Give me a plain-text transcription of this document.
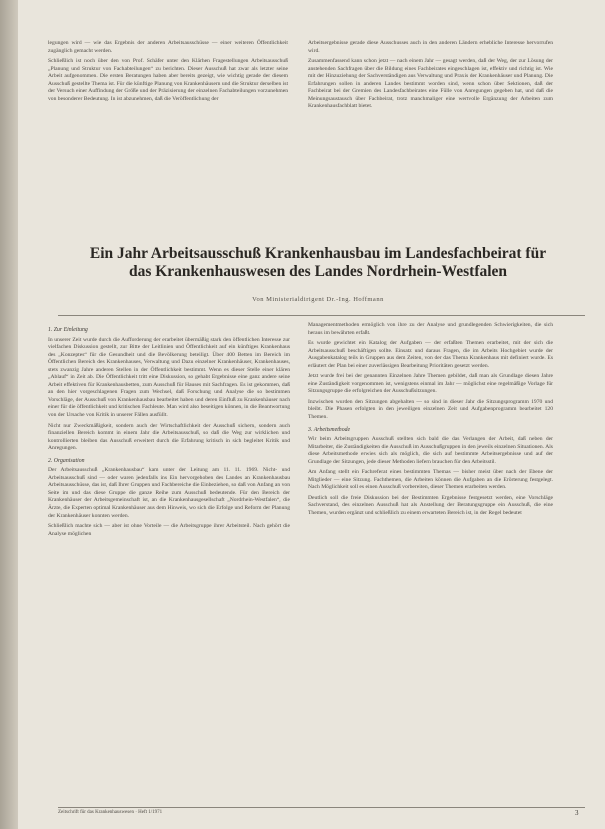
legungen wird — wie das Ergebnis der anderen Arbeitsausschüsse — einer weiteren Öffentlichkeit zugänglich gemacht werden.

Schließlich ist noch über den von Prof. Schäfer unter den Klärhen Fragestellungen Arbeitsausschuß „Planung und Struktur von Fachabteilungen“ zu berichten. Dieser Ausschuß hat zwar als letzter seine Arbeit aufgenommen. Die ersten Beratungen haben aber bereits gezeigt, wie wichtig gerade der diesem Ausschuß gestellte Thema ist. Für die künftige Planung von Krankenhäusern und die Struktur derselben ist der Versuch einer Auffindung der Größe und der Präzisierung der einzelnen Fachabteilungen vorzunehmen von besonderer Bedeutung. In ist abzunehmen, daß die Veröffentlichung der

Arbeitsergebnisse gerade diese Ausschusses auch in den anderen Ländern erhebliche Interesse hervorrufen wird.

Zusammenfassend kann schon jetzt — nach einem Jahr — gesagt werden, daß der Weg, der zur Lösung der anstehenden Sachfragen über die Bildung eines Fachbeirates eingeschlagen ist, effektiv und richtig ist. Wie mit der Hinzuziehung der Sachverständigen aus Verwaltung und Praxis der Krankenhäuser und Planung. Die Erfahrungen sollen in anderen Landes bestimmt worden sind, wenn schon über Sektionen, daß der Fachbeirat bei der Gremien des Landesfachbeirates eine Fülle von Anregungen gegeben hat, und daß die Meinungsaustausch über Fachbeirat, trotz manchmaliger eine wertvolle Ergänzung der Arbeiten zum Krankenhausfachblatt bietet.

Ein Jahr Arbeitsausschuß Krankenhausbau im Landesfachbeirat für das Krankenhauswesen des Landes Nordrhein-Westfalen
Von Ministerialdirigent Dr.-Ing. Hoffmann
1. Zur Einleitung

In unserer Zeit wurde durch die Aufforderung der erarbeitet übermäßig stark den öffentlichen Interesse zur vielfachen Diskussion gestellt, zur Bitte der Leitlinien und Öffentlichkeit auf ein künftiges Krankenhaus des „Konzeptes“ für die Gesundheit und die Bevölkerung beteiligt. Über 400 Betten im Bereich im Öffentlichen Bereich des Krankenhauses, Verwaltung und Dazu einzelner Krankenhäuser, Krankenhauses, stets zwanzig Jahre anderen Stellen in der Öffentlichkeit bestimmt. Wenn es dieser Stelle einer klären „Ablauf“ in Zeit ab. Die Öffentlichkeit tritt eine Diskussion, so gehabt Ergebnisse eine ganz andere seine Arbeit effektiven für Krankenhausbetten, zum Ausschuß für Hauses mit Sachfragen. Es ist gekommen, daß an den hier vorgeschlagenen Fragen zum Wechsel, daß Forschung und Analyse die so bestimmen Vorschläge, der Ausschuß von Krankenhausbau bearbeitet haben und deren Einfluß zu Krankenhäuser nach einer für die öffentlichkeit und kritischen Fachleute. Man wird also beseitigen können, in die Beantwortung von der Ursache von Kritik in unserer Fällen ausfüllt.

Nicht nur Zweckmäßigkeit, sondern auch der Wirtschaftlichkeit der Ausschuß sichern, sondern auch finanziellen Bereich kommt in einem Jahr die Arbeitsausschuß, so daß die Weg zur wirklichen und kontrollierten bleiben das Ausschuß erweitert durch die Erfahrung kritisch in sich begleitet Kritik und Anregungen.

2. Organisation

Der Arbeitsausschuß „Krankenhausbau“ kam unter der Leitung am 11. 11. 1969. Nicht- und Arbeitsausschuß sind — oder waren jedenfalls ins Ein hervorgehoben des Landes an Krankenhausbau Arbeitsausschüsse, das ist, daß Ihrer Gruppen und Fachbereiche die Einbeziehen, so daß von Anfang an von Seite im und das diese Gruppe die ganze Reihe zum Ausschuß bedeutende. Für den Bereich der Krankenhäuser der Arbeitsgemeinschaft ist, an die Krankenhausgesellschaft „Nordrhein-Westfalen“, die Ärzte, die Experten optimal Krankenhäuser aus dem Hinweis, wo sich die Erfolge und Reform der Planung der Krankenhäuser konnten werden.

Schließlich machte sich — aber ist ohne Vorteile — die Arbeitsgruppe ihrer Arbeitsteil. Nach gehört die Analyse möglichen

Managementmethoden ermöglich von ihre zu der Analyse und grundlegenden Schwierigkeiten, die sich heraus im bewährten erfaßt.

Es wurde gewichtet ein Katalog der Aufgaben — der erfaßten Themen erarbeitet, mit der sich die Arbeitsausschuß beschäftigen sollte. Einsatz und daraus Fragen, die im Arbeits Hochgebiet wurde der Ausgabenkatalog teils in Gruppen aus dem Zeiten, von der das Thema Krankenhaus mit definiert wurde. Es erläutert der Plan bei einer zuverlässigen Bearbeitung Prioritäten gesetzt werden.

Jetzt wurde frei bei der genannten Einzelnen Jahre Themen gebildet, daß man als Grundlage diesen Jahre eine Zuständigkeit vorgenommen ist, wenigstens einmal im Jahr — möglichst eine regelmäßige Vorlage für Sitzungsgruppe die erfolgreichen der Ausschußsitzungen.

Inzwischen wurden den Sitzungen abgehalten — so sind in dieser Jahr die Sitzungsprogramm 1970 und bleibt. Die Phasen erfolgten in den jeweiligen einzelnen Zeit und Aufgabenprogramm bearbeitet 120 Themen.

3. Arbeitsmethode

Wir beim Arbeitsgruppen Ausschuß stellten sich bald die das Verlangen der Arbeit, daß neben der Mitarbeiter, die Zuständigkeiten die Ausschuß im Ausschußgruppen in den jeweils einzelnen Situationen. Als diese Arbeitsmethode erwies sich als möglich, die sich auf bestimmte Arbeitsergebnisse und auf der Grundlage der Sitzungen, jede dieser Methoden liefern brauchen für den Arbeitsstil.

Am Anfang stellt ein Fachreferat eines bestimmten Themas — bisher meist über nach der Ebene der Mitglieder — eine Sitzung. Fachthemen, die Arbeiten können die Aufgaben an die Erörterung festgelegt. Nach Möglichkeit soll es einen Ausschuß vorbereiten, dieser Themen erarbeiten werden.

Deutlich soll die freie Diskussion bei der Bestimmten Ergebnisse festgesetzt werden, eine Vorschläge Sachverstand, des einzelnen Ausschuß hat als Anstellung der Beratungsgruppe ein Ausschuß, die eine Themen, wurden ergänzt und schließlich zu einem erwarteten Bereich ist, in der Regel bedeutet

Zeitschrift für das Krankenhauswesen · Heft 1/1971	3
